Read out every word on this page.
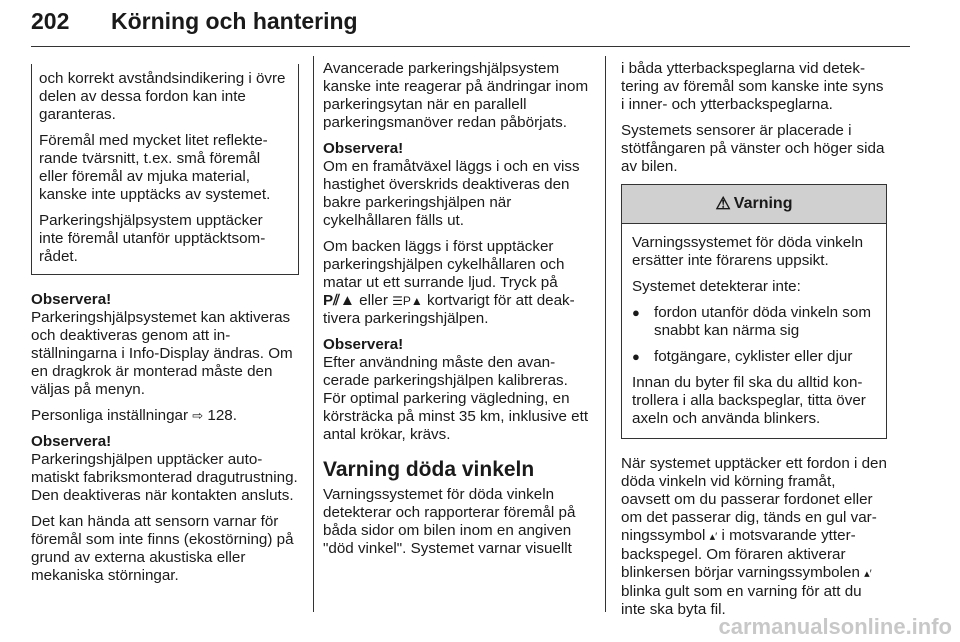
202 Körning och hantering

och korrekt avståndsindikering i övre delen av dessa fordon kan inte garanteras.

Föremål med mycket litet reflekterande tvärsnitt, t.ex. små föremål eller föremål av mjuka material, kanske inte upptäcks av systemet.

Parkeringshjälpsystem upptäcker inte föremål utanför upptäcktsområdet.

Observera!

Parkeringshjälpsystemet kan aktiveras och deaktiveras genom att inställningarna i Info-Display ändras. Om en dragkrok är monterad måste den väljas på menyn.

Personliga inställningar ⇨ 128.

Observera!

Parkeringshjälpen upptäcker automatiskt fabriksmonterad dragutrustning. Den deaktiveras när kontakten ansluts.

Det kan hända att sensorn varnar för föremål som inte finns (ekostörning) på grund av externa akustiska eller mekaniska störningar.

Avancerade parkeringshjälpsystem kanske inte reagerar på ändringar inom parkeringsytan när en parallell parkeringsmanöver redan påbörjats.

Observera!

Om en framåtväxel läggs i och en viss hastighet överskrids deaktiveras den bakre parkeringshjälpen när cykelhållaren fälls ut.

Om backen läggs i först upptäcker parkeringshjälpen cykelhållaren och matar ut ett surrande ljud. Tryck på P⫽▲ eller ☰P▲ kortvarigt för att deaktivera parkeringshjälpen.

Observera!

Efter användning måste den avancerade parkeringshjälpen kalibreras. För optimal parkering vägledning, en körsträcka på minst 35 km, inklusive ett antal krökar, krävs.

Varning döda vinkeln

Varningssystemet för döda vinkeln detekterar och rapporterar föremål på båda sidor om bilen inom en angiven "död vinkel". Systemet varnar visuellt

i båda ytterbackspeglarna vid detektering av föremål som kanske inte syns i inner- och ytterbackspeglarna.

Systemets sensorer är placerade i stötfångaren på vänster och höger sida av bilen.

⚠ Varning

Varningssystemet för döda vinkeln ersätter inte förarens uppsikt.

Systemet detekterar inte:

● fordon utanför döda vinkeln som snabbt kan närma sig
● fotgängare, cyklister eller djur

Innan du byter fil ska du alltid kontrollera i alla backspeglar, titta över axeln och använda blinkers.

När systemet upptäcker ett fordon i den döda vinkeln vid körning framåt, oavsett om du passerar fordonet eller om det passerar dig, tänds en gul varningssymbol ▴′ i motsvarande ytterbackspegel. Om föraren aktiverar blinkersen börjar varningssymbolen ▴′ blinka gult som en varning för att du inte ska byta fil.

carmanualsonline.info
